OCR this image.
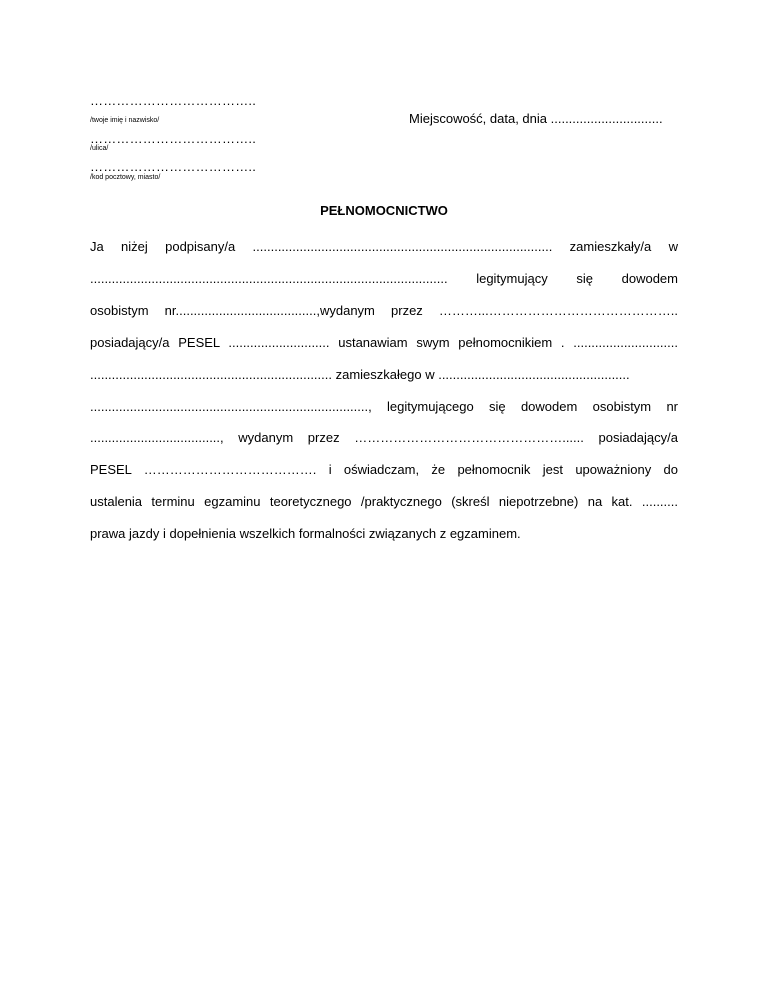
………………………………..
/twoje imię i nazwisko/
………………………………..
/ulica/
………………………………..
/kod pocztowy, miasto/
Miejscowość, data, dnia ...............................
PEŁNOMOCNICTWO
Ja niżej podpisany/a ................................................................................... zamieszkały/a w
................................................................................................... legitymujący się dowodem
osobistym nr.......................................,wydanym przez ………...……………………………………..
posiadający/a PESEL ............................ ustanawiam swym pełnomocnikiem . .............................
................................................................... zamieszkałego w .....................................................
............................................................................., legitymującego się dowodem osobistym nr
...................................., wydanym przez …………………………………………...... posiadający/a
PESEL …………………………………. i oświadczam, że pełnomocnik jest upoważniony do
ustalenia terminu egzaminu teoretycznego /praktycznego (skreśl niepotrzebne) na kat. ..........
prawa jazdy i dopełnienia wszelkich formalności związanych z egzaminem.
